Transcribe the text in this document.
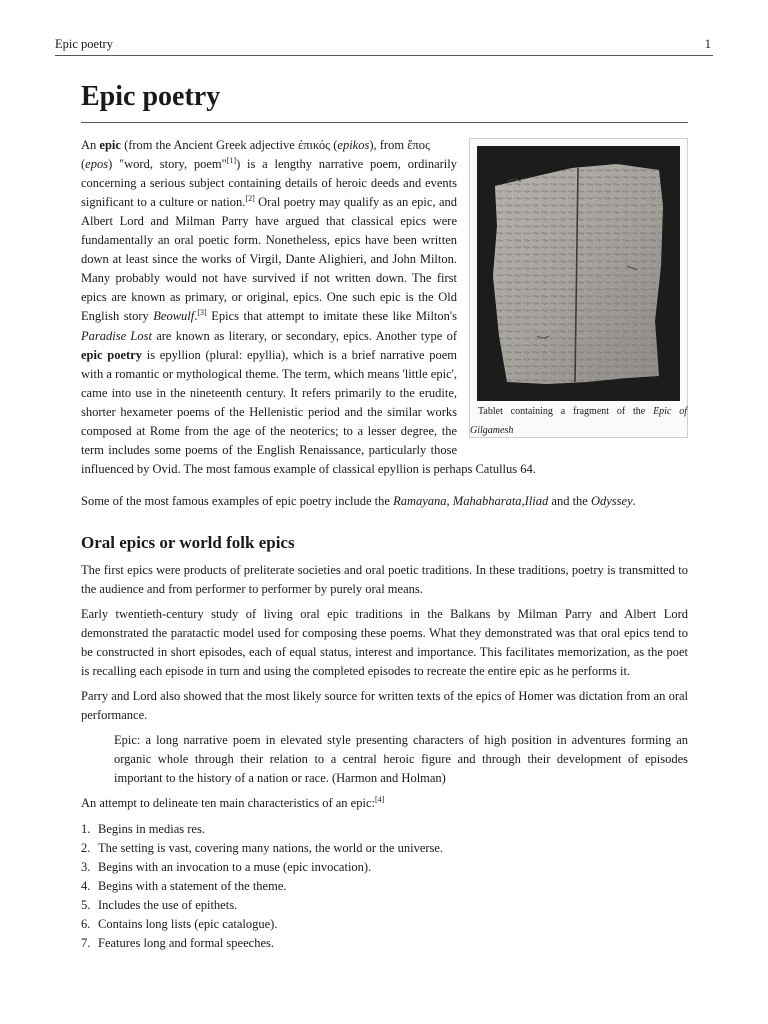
Epic poetry	1
Epic poetry

Tablet containing a fragment of the Epic of Gilgamesh
An epic (from the Ancient Greek adjective ἐπικός (epikos), from ἔπος
(epos) "word, story, poem"[1]) is a lengthy narrative poem, ordinarily concerning a serious subject containing details of heroic deeds and events significant to a culture or nation.[2] Oral poetry may qualify as an epic, and Albert Lord and Milman Parry have argued that classical epics were fundamentally an oral poetic form. Nonetheless, epics have been written down at least since the works of Virgil, Dante Alighieri, and John Milton. Many probably would not have survived if not written down. The first epics are known as primary, or original, epics. One such epic is the Old English story Beowulf.[3] Epics that attempt to imitate these like Milton's Paradise Lost are known as literary, or secondary, epics. Another type of epic poetry is epyllion (plural: epyllia), which is a brief narrative poem with a romantic or mythological theme. The term, which means 'little epic', came into use in the nineteenth century. It refers primarily to the erudite, shorter hexameter poems of the Hellenistic period and the similar works composed at Rome from the age of the neoterics; to a lesser degree, the term includes some poems of the English Renaissance, particularly those influenced by Ovid. The most famous example of classical epyllion is perhaps Catullus 64.

Some of the most famous examples of epic poetry include the Ramayana, Mahabharata,Iliad and the Odyssey.

Oral epics or world folk epics

The first epics were products of preliterate societies and oral poetic traditions. In these traditions, poetry is transmitted to the audience and from performer to performer by purely oral means.

Early twentieth-century study of living oral epic traditions in the Balkans by Milman Parry and Albert Lord demonstrated the paratactic model used for composing these poems. What they demonstrated was that oral epics tend to be constructed in short episodes, each of equal status, interest and importance. This facilitates memorization, as the poet is recalling each episode in turn and using the completed episodes to recreate the entire epic as he performs it.

Parry and Lord also showed that the most likely source for written texts of the epics of Homer was dictation from an oral performance.

Epic: a long narrative poem in elevated style presenting characters of high position in adventures forming an organic whole through their relation to a central heroic figure and through their development of episodes important to the history of a nation or race. (Harmon and Holman)

An attempt to delineate ten main characteristics of an epic:[4]

1. Begins in medias res.
2. The setting is vast, covering many nations, the world or the universe.
3. Begins with an invocation to a muse (epic invocation).
4. Begins with a statement of the theme.
5. Includes the use of epithets.
6. Contains long lists (epic catalogue).
7. Features long and formal speeches.
